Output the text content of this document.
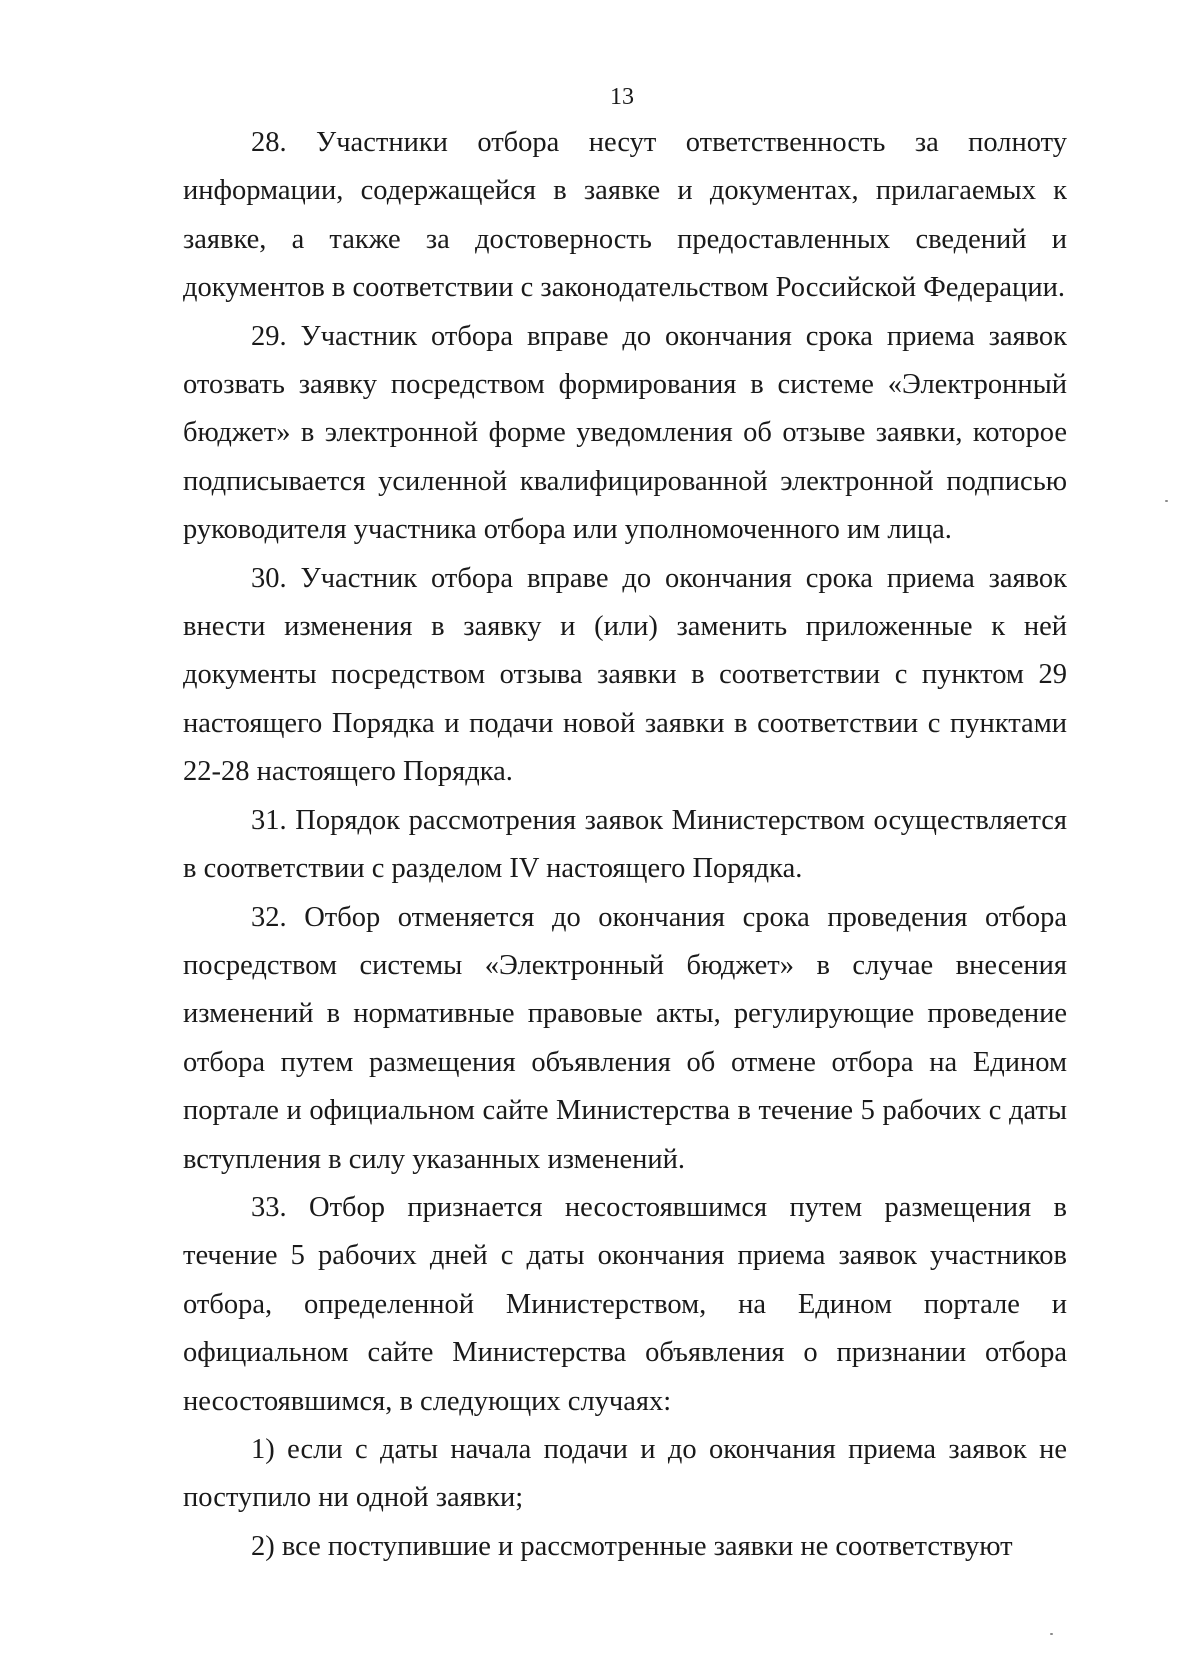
13

28. Участники отбора несут ответственность за полноту информации, содержащейся в заявке и документах, прилагаемых к заявке, а также за достоверность предоставленных сведений и документов в соответствии с законодательством Российской Федерации.

29. Участник отбора вправе до окончания срока приема заявок отозвать заявку посредством формирования в системе «Электронный бюджет» в электронной форме уведомления об отзыве заявки, которое подписывается усиленной квалифицированной электронной подписью руководителя участника отбора или уполномоченного им лица.

30. Участник отбора вправе до окончания срока приема заявок внести изменения в заявку и (или) заменить приложенные к ней документы посредством отзыва заявки в соответствии с пунктом 29 настоящего Порядка и подачи новой заявки в соответствии с пунктами 22-28 настоящего Порядка.

31. Порядок рассмотрения заявок Министерством осуществляется в соответствии с разделом IV настоящего Порядка.

32. Отбор отменяется до окончания срока проведения отбора посредством системы «Электронный бюджет» в случае внесения изменений в нормативные правовые акты, регулирующие проведение отбора путем размещения объявления об отмене отбора на Едином портале и официальном сайте Министерства в течение 5 рабочих с даты вступления в силу указанных изменений.

33. Отбор признается несостоявшимся путем размещения в течение 5 рабочих дней с даты окончания приема заявок участников отбора, определенной Министерством, на Едином портале и официальном сайте Министерства объявления о признании отбора несостоявшимся, в следующих случаях:

1) если с даты начала подачи и до окончания приема заявок не поступило ни одной заявки;

2) все поступившие и рассмотренные заявки не соответствуют
